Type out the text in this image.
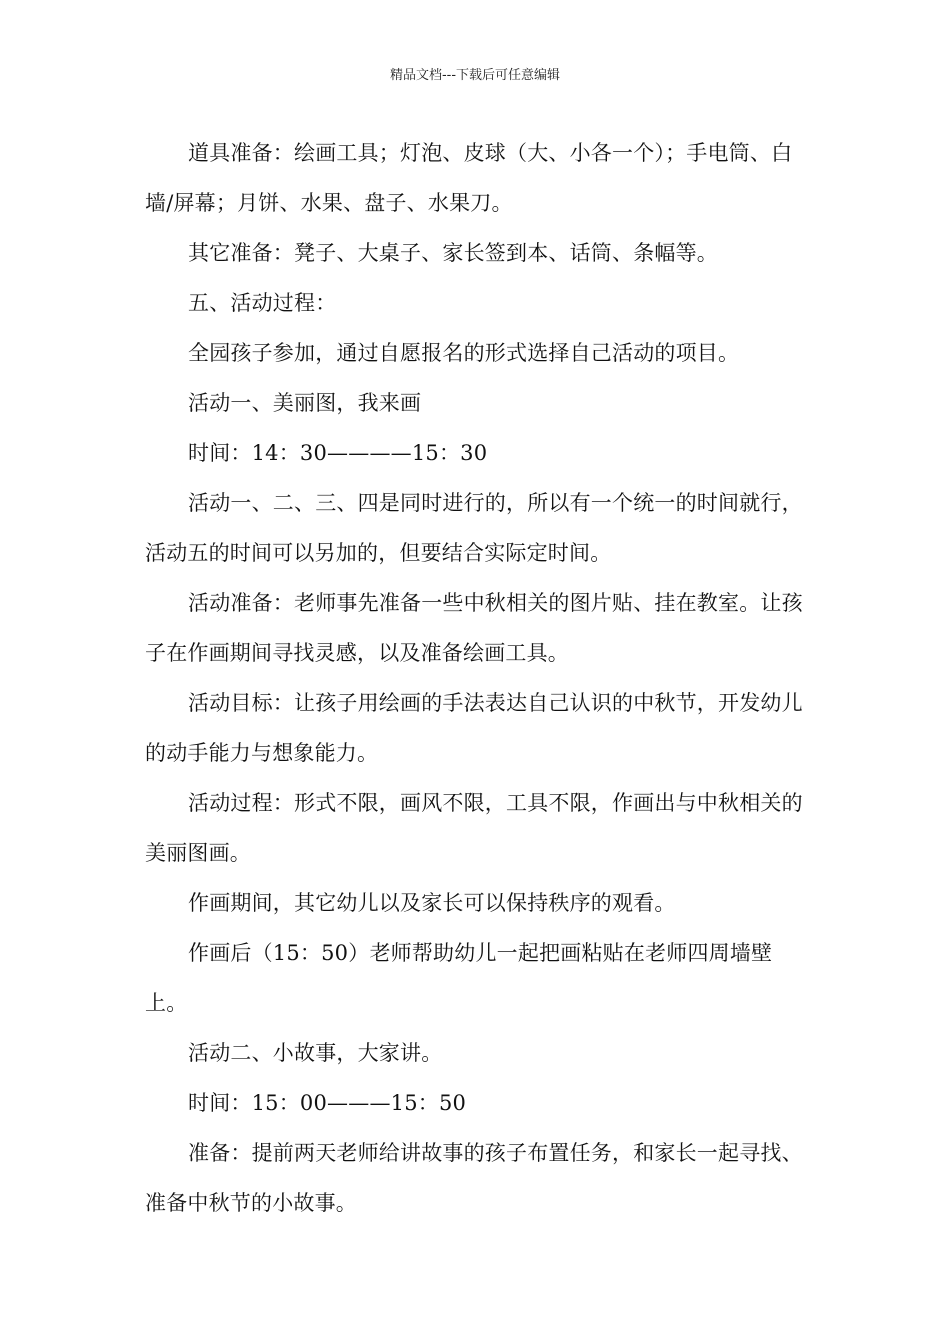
精品文档---下载后可任意编辑

道具准备：绘画工具；灯泡、皮球（大、小各一个）；手电筒、白墙/屏幕；月饼、水果、盘子、水果刀。

其它准备：凳子、大桌子、家长签到本、话筒、条幅等。

五、活动过程：

全园孩子参加，通过自愿报名的形式选择自己活动的项目。

活动一、美丽图，我来画

时间：14：30————15：30

活动一、二、三、四是同时进行的，所以有一个统一的时间就行，活动五的时间可以另加的，但要结合实际定时间。

活动准备：老师事先准备一些中秋相关的图片贴、挂在教室。让孩子在作画期间寻找灵感，以及准备绘画工具。

活动目标：让孩子用绘画的手法表达自己认识的中秋节，开发幼儿的动手能力与想象能力。

活动过程：形式不限，画风不限，工具不限，作画出与中秋相关的美丽图画。

作画期间，其它幼儿以及家长可以保持秩序的观看。

作画后（15：50）老师帮助幼儿一起把画粘贴在老师四周墙壁上。

活动二、小故事，大家讲。

时间：15：00———15：50

准备：提前两天老师给讲故事的孩子布置任务，和家长一起寻找、准备中秋节的小故事。
